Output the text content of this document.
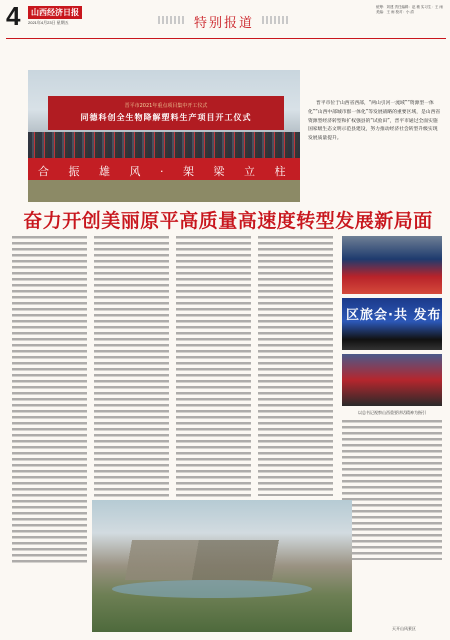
4	山西经济日报
2021年4月23日 星期五	特别报道
统筹：刘建 责任编辑：赵 敏 实习生：王 雨 美编：王 雨 校对：小 清
晋平市2021年重点项目集中开工仪式
同德科创全生物降解塑料生产项目开工仪式
合 振 雄 风 · 架 梁 立 柱
晋平市位于山西省西部，“两山引河一流域”“资源型一体化”“山西中部城市群一体化”等发展战略的重要区域，是山西省资源型经济转型和扩权强县的“试验田”，晋平市通过全面实施国家级生态文明示范县建设，努力推动经济社会转型升级实现发展质量提升。
奋力开创美丽原平高质量高速度转型发展新局面
区旅会·共 发布
以总书记视察山西重要讲话精神为指引
天开山风景区
